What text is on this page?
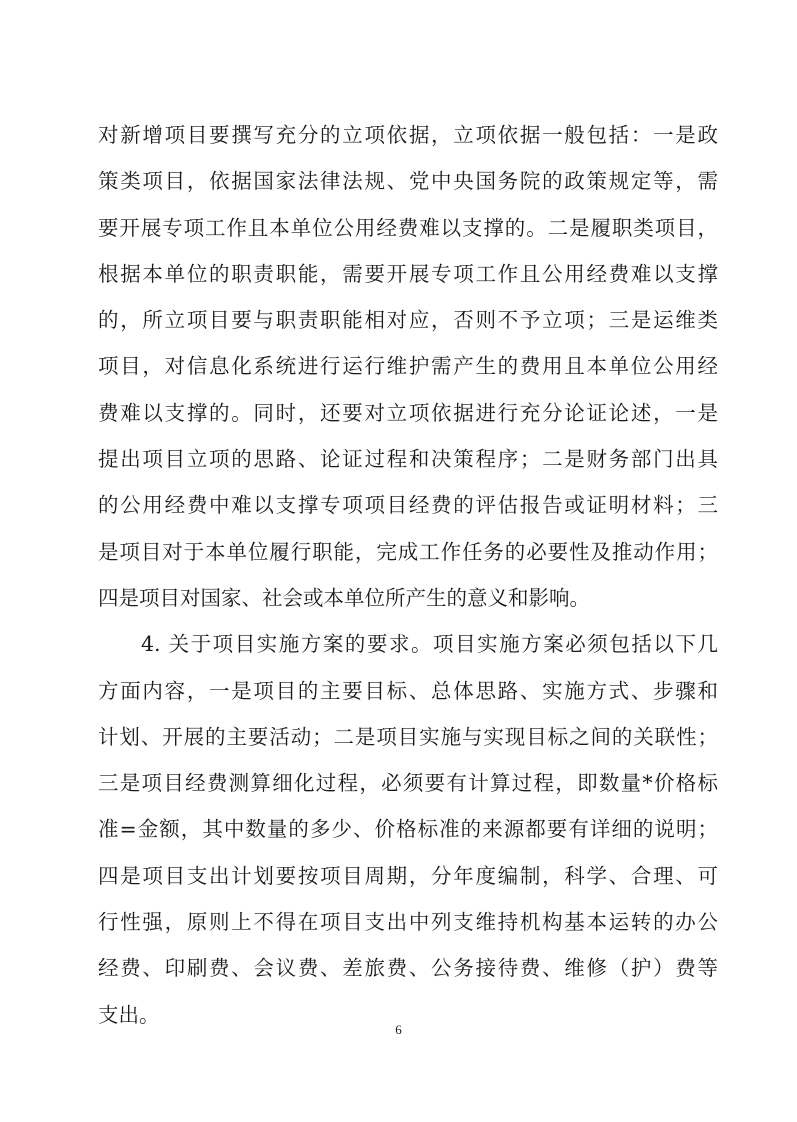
对新增项目要撰写充分的立项依据，立项依据一般包括：一是政
策类项目，依据国家法律法规、党中央国务院的政策规定等，需
要开展专项工作且本单位公用经费难以支撑的。二是履职类项目，
根据本单位的职责职能，需要开展专项工作且公用经费难以支撑
的，所立项目要与职责职能相对应，否则不予立项；三是运维类
项目，对信息化系统进行运行维护需产生的费用且本单位公用经
费难以支撑的。同时，还要对立项依据进行充分论证论述，一是
提出项目立项的思路、论证过程和决策程序；二是财务部门出具
的公用经费中难以支撑专项项目经费的评估报告或证明材料；三
是项目对于本单位履行职能，完成工作任务的必要性及推动作用；
四是项目对国家、社会或本单位所产生的意义和影响。
4. 关于项目实施方案的要求。项目实施方案必须包括以下几
方面内容，一是项目的主要目标、总体思路、实施方式、步骤和
计划、开展的主要活动；二是项目实施与实现目标之间的关联性；
三是项目经费测算细化过程，必须要有计算过程，即数量*价格标
准=金额，其中数量的多少、价格标准的来源都要有详细的说明；
四是项目支出计划要按项目周期，分年度编制，科学、合理、可
行性强，原则上不得在项目支出中列支维持机构基本运转的办公
经费、印刷费、会议费、差旅费、公务接待费、维修（护）费等
支出。
6
